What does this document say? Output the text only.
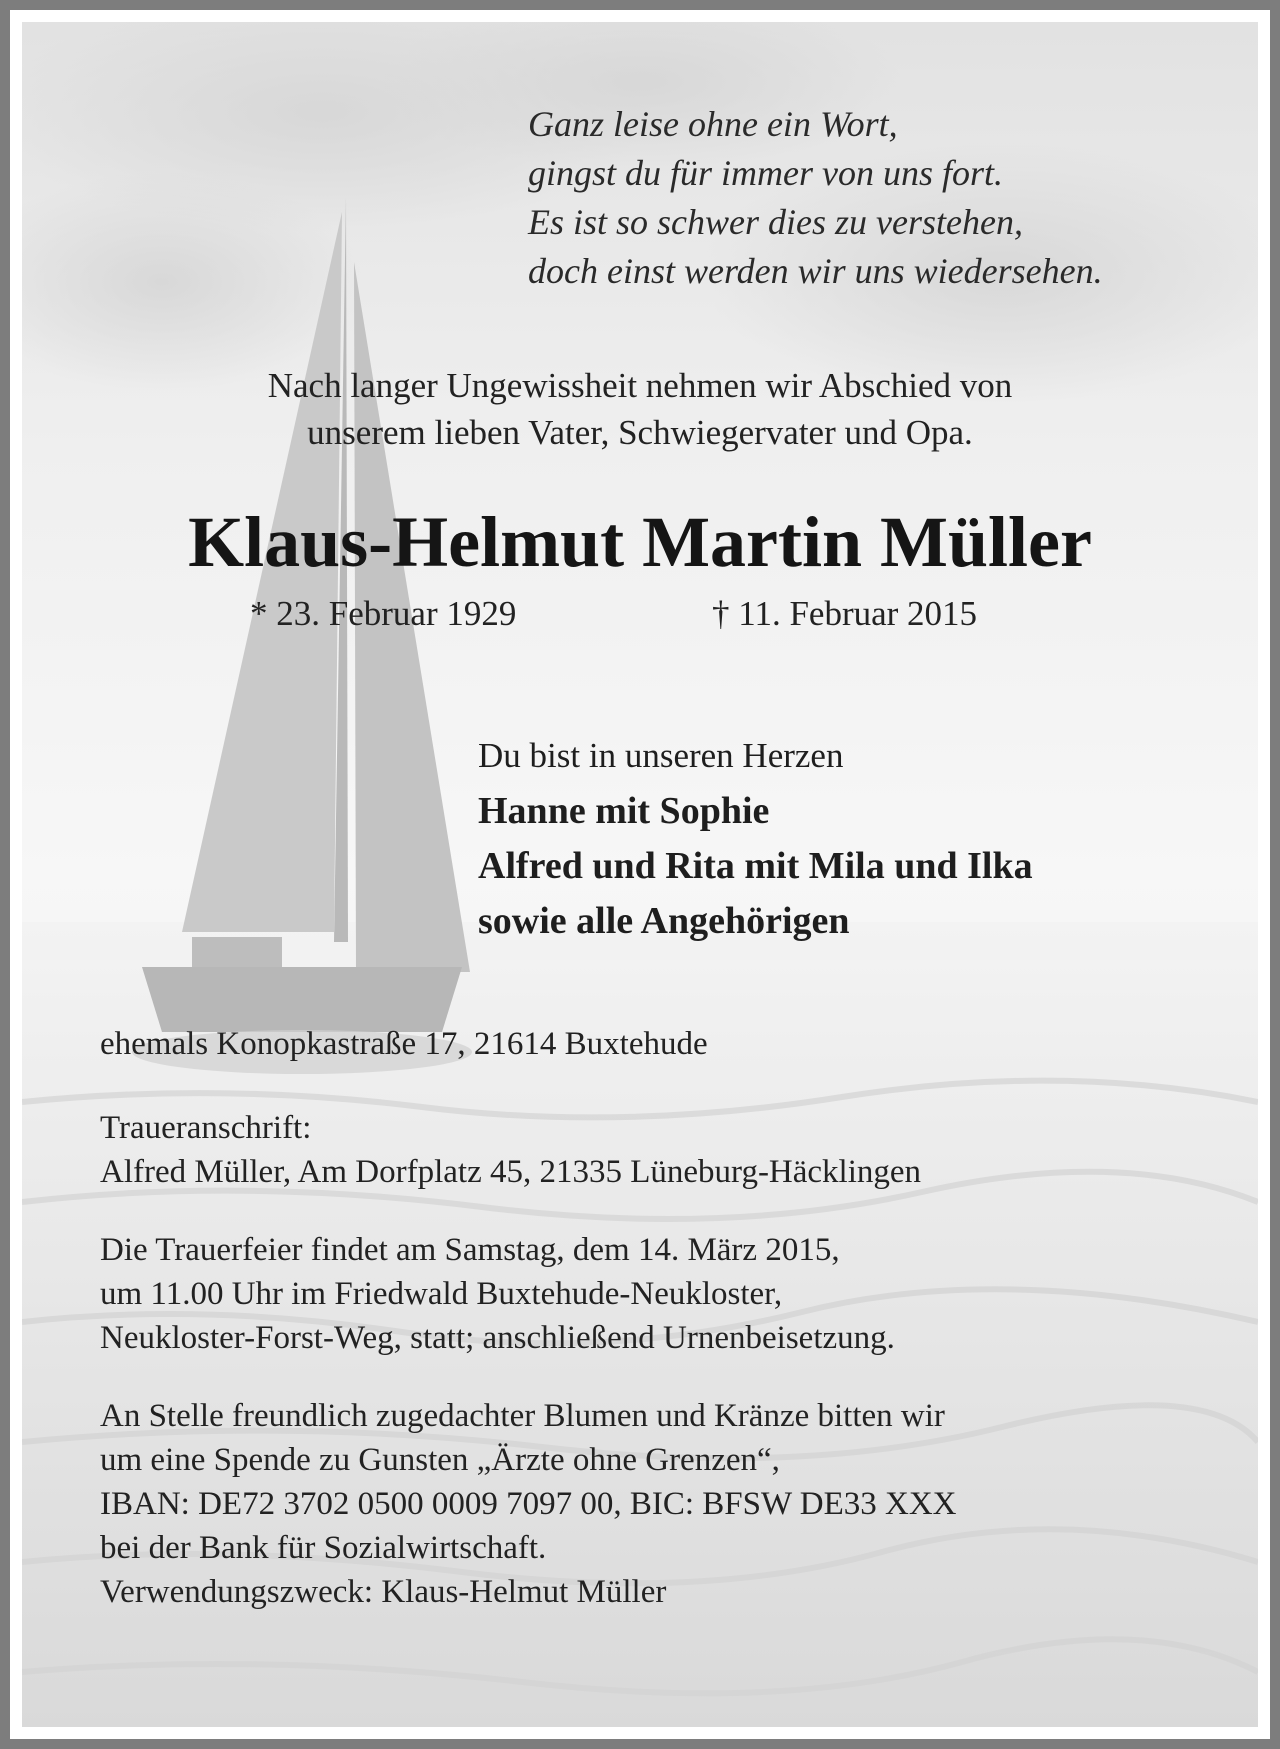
Ganz leise ohne ein Wort,
gingst du für immer von uns fort.
Es ist so schwer dies zu verstehen,
doch einst werden wir uns wiedersehen.
Nach langer Ungewissheit nehmen wir Abschied von
unserem lieben Vater, Schwiegervater und Opa.
Klaus-Helmut Martin Müller
* 23. Februar 1929	† 11. Februar 2015
Du bist in unseren Herzen
Hanne mit Sophie
Alfred und Rita mit Mila und Ilka
sowie alle Angehörigen
ehemals Konopkastraße 17, 21614 Buxtehude
Traueranschrift:
Alfred Müller, Am Dorfplatz 45, 21335 Lüneburg-Häcklingen
Die Trauerfeier findet am Samstag, dem 14. März 2015,
um 11.00 Uhr im Friedwald Buxtehude-Neukloster,
Neukloster-Forst-Weg, statt; anschließend Urnenbeisetzung.
An Stelle freundlich zugedachter Blumen und Kränze bitten wir
um eine Spende zu Gunsten „Ärzte ohne Grenzen“,
IBAN: DE72 3702 0500 0009 7097 00, BIC: BFSW DE33 XXX
bei der Bank für Sozialwirtschaft.
Verwendungszweck: Klaus-Helmut Müller
